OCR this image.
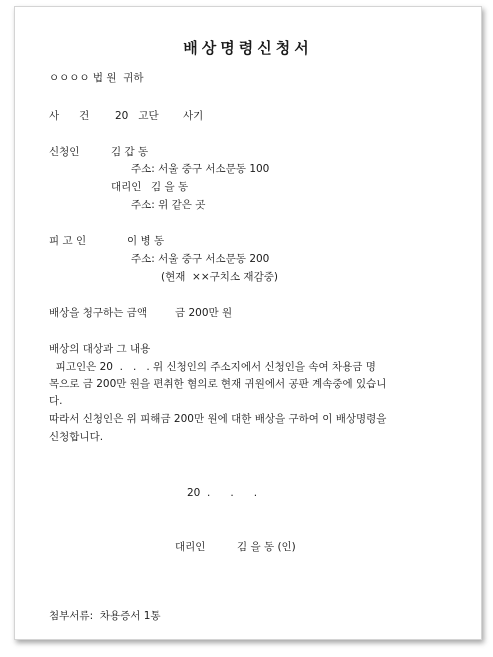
배상명령신청서
ㅇㅇㅇㅇ 법 원  귀하
사      건 20   고단 사기
신청인	김 갑 동
주소: 서울 중구 서소문동 100
대리인 김 을 동
주소: 위 같은 곳
피 고 인	이 병 동
주소: 서울 중구 서소문동 200
(현재  ××구치소 재감중)
배상을 청구하는 금액	금 200만 원
배상의 대상과 그 내용
피고인은 20  .   .   . 위 신청인의 주소지에서 신청인을 속여 차용금 명
목으로 금 200만 원을 편취한 혐의로 현재 귀원에서 공판 계속중에 있습니
다.
따라서 신청인은 위 피해금 200만 원에 대한 배상을 구하여 이 배상명령을
신청합니다.
20  .      .      .
대리인	김 을 동 (인)
첨부서류:  차용증서 1통
